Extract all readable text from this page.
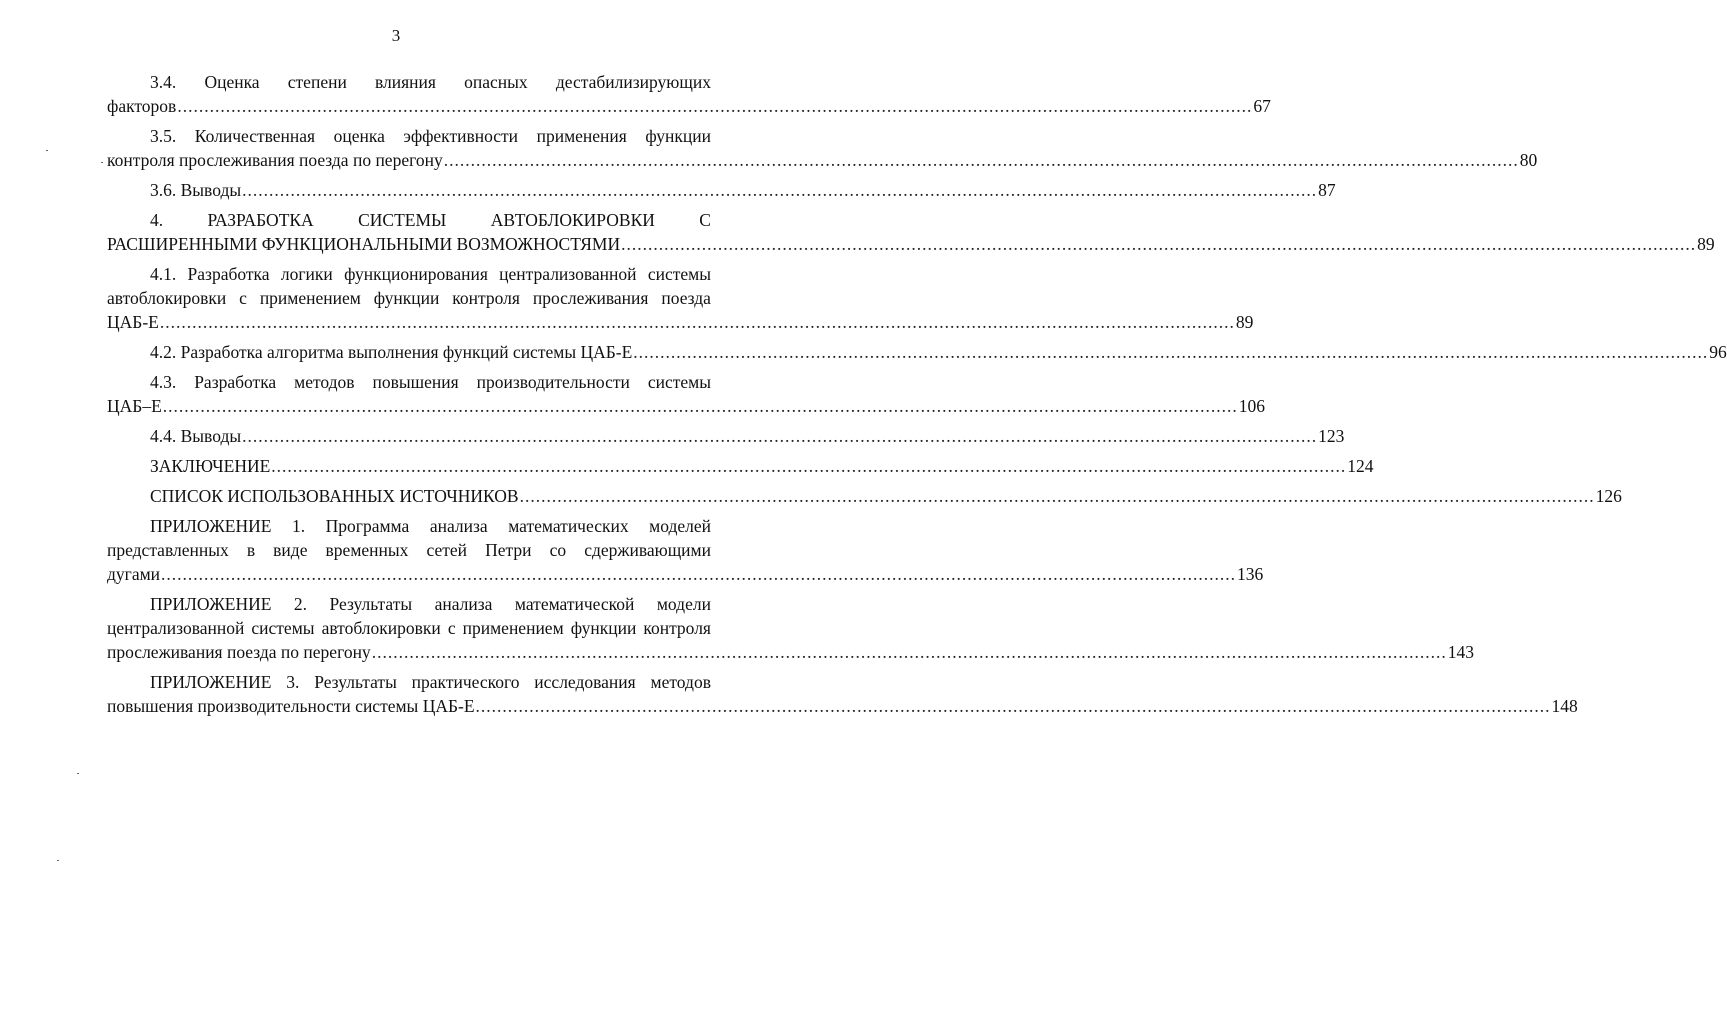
3
3.4. Оценка степени влияния опасных дестабилизирующих
факторов ........................................................................................................................................................................................................ 67
3.5. Количественная оценка эффективности применения функции
контроля прослеживания поезда по перегону ........................................................................................................................................................................................................ 80
3.6. Выводы ........................................................................................................................................................................................................ 87
4.	РАЗРАБОТКА	СИСТЕМЫ	АВТОБЛОКИРОВКИ	С
РАСШИРЕННЫМИ ФУНКЦИОНАЛЬНЫМИ ВОЗМОЖНОСТЯМИ ........................................................................................................................................................................................................ 89
4.1. Разработка логики функционирования централизованной системы
автоблокировки с применением функции контроля прослеживания поезда
ЦАБ-Е ........................................................................................................................................................................................................ 89
4.2. Разработка алгоритма выполнения функций системы ЦАБ-Е ........................................................................................................................................................................................................ 96
4.3. Разработка методов повышения производительности системы
ЦАБ–Е ........................................................................................................................................................................................................ 106
4.4. Выводы ........................................................................................................................................................................................................ 123
ЗАКЛЮЧЕНИЕ ........................................................................................................................................................................................................ 124
СПИСОК ИСПОЛЬЗОВАННЫХ ИСТОЧНИКОВ ........................................................................................................................................................................................................ 126
ПРИЛОЖЕНИЕ 1. Программа анализа математических моделей
представленных в виде временных сетей Петри со сдерживающими
дугами ........................................................................................................................................................................................................ 136
ПРИЛОЖЕНИЕ 2. Результаты анализа математической модели
централизованной системы автоблокировки с применением функции контроля
прослеживания поезда по перегону ........................................................................................................................................................................................................ 143
ПРИЛОЖЕНИЕ 3. Результаты практического исследования методов
повышения производительности системы ЦАБ-Е ........................................................................................................................................................................................................ 148
